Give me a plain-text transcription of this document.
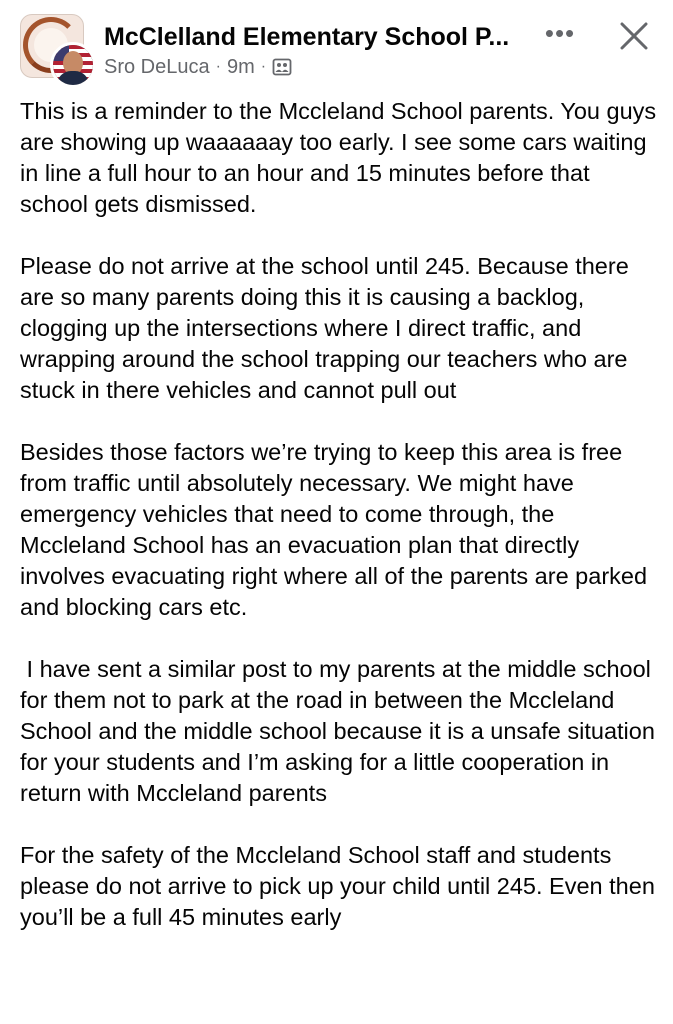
McClelland Elementary School P...
Sro DeLuca · 9m ·
•••

This is a reminder to the Mccleland School parents. You guys are showing up waaaaaay too early. I see some cars waiting in line a full hour to an hour and 15 minutes before that school gets dismissed.

Please do not arrive at the school until 245. Because there are so many parents doing this it is causing a backlog, clogging up the intersections where I direct traffic, and wrapping around the school trapping our teachers who are stuck in there vehicles and cannot pull out

Besides those factors we’re trying to keep this area is free from traffic until absolutely necessary. We might have emergency vehicles that need to come through, the Mccleland School has an evacuation plan that directly involves evacuating right where all of the parents are parked and blocking cars etc.

I have sent a similar post to my parents at the middle school for them not to park at the road in between the Mccleland School and the middle school because it is a unsafe situation for your students and I’m asking for a little cooperation in return with Mccleland parents

For the safety of the Mccleland School staff and students please do not arrive to pick up your child until 245. Even then you’ll be a full 45 minutes early
